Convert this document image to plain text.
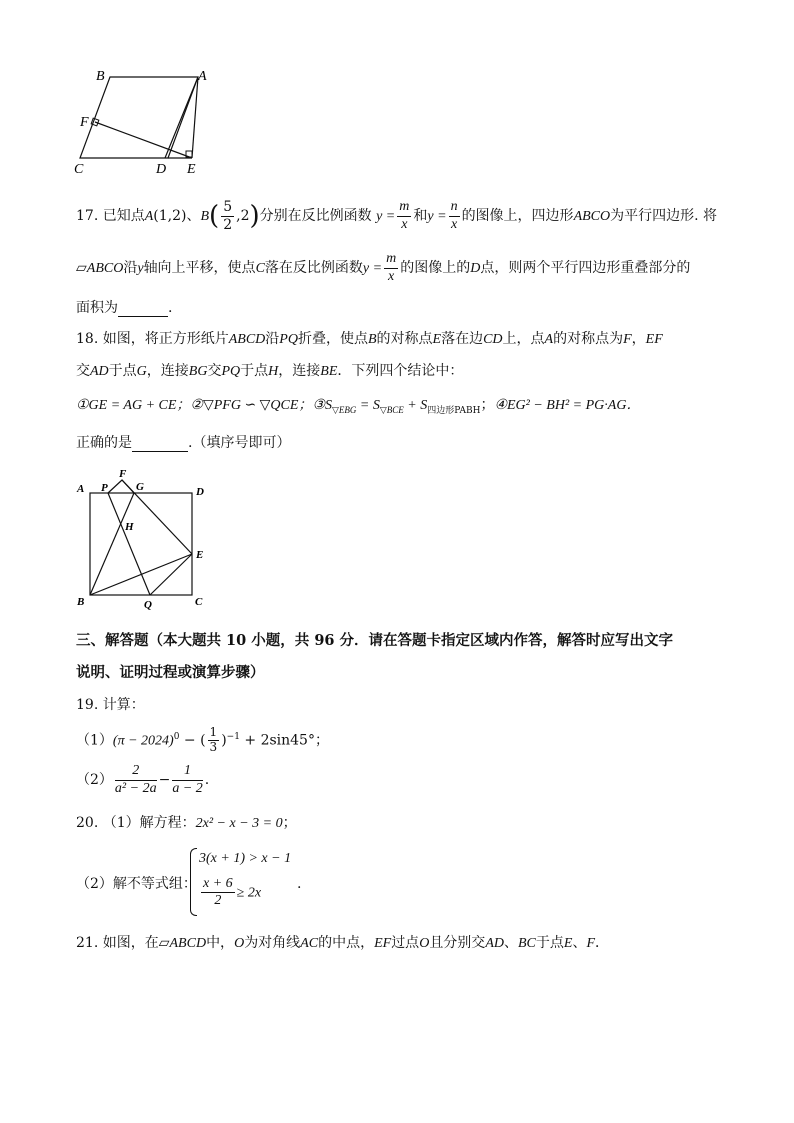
B	A
F
C	D E
17. 已知点A(1,2)、$B( \frac{5}{2} ,2)$分别在反比例函数 $y = \frac{m}{x}$ 和$y = \frac{n}{x}$ 的图像上，四边形ABCO为平行四边形. 将
▱ABCO沿y轴向上平移，使点C落在反比例函数$y = \frac{m}{x}$ 的图像上的D点，则两个平行四边形重叠部分的
面积为	.
18. 如图，将正方形纸片ABCD沿PQ折叠，使点B的对称点E落在边CD上，点A的对称点为F，EF
交AD于点G，连接BG交PQ于点H，连接BE．下列四个结论中：
①GE = AG + CE；②▽PFG ∽ ▽QCE；$③S_{▽EBG} = S_{▽BCE} + S_{四边形PABH}$；④EG² − BH² = PG·AG．
正确的是	.（填序号即可）
A P
F
G	D
H
E
B	Q	C
三、解答题（本大题共 10 小题，共 96 分．请在答题卡指定区域内作答，解答时应写出文字
说明、证明过程或演算步骤）
19. 计算：
$(1)(\pi - 2024)^0$ − ( $\frac{1}{3} )^{-1} + 2\sin 45^\circ$；
$(2) \frac{2}{\text{a² − 2a}} - \frac{1}{a - 2}$ .
20. （1）解方程：2x² − x − 3 = 0；
（2）解不等式组：
3(x + 1) > x − 1
$\frac{x + 6}{2} \ge 2x$
.
21. 如图，在▱ABCD中，O为对角线AC的中点，EF过点O且分别交AD、BC于点E、F．
